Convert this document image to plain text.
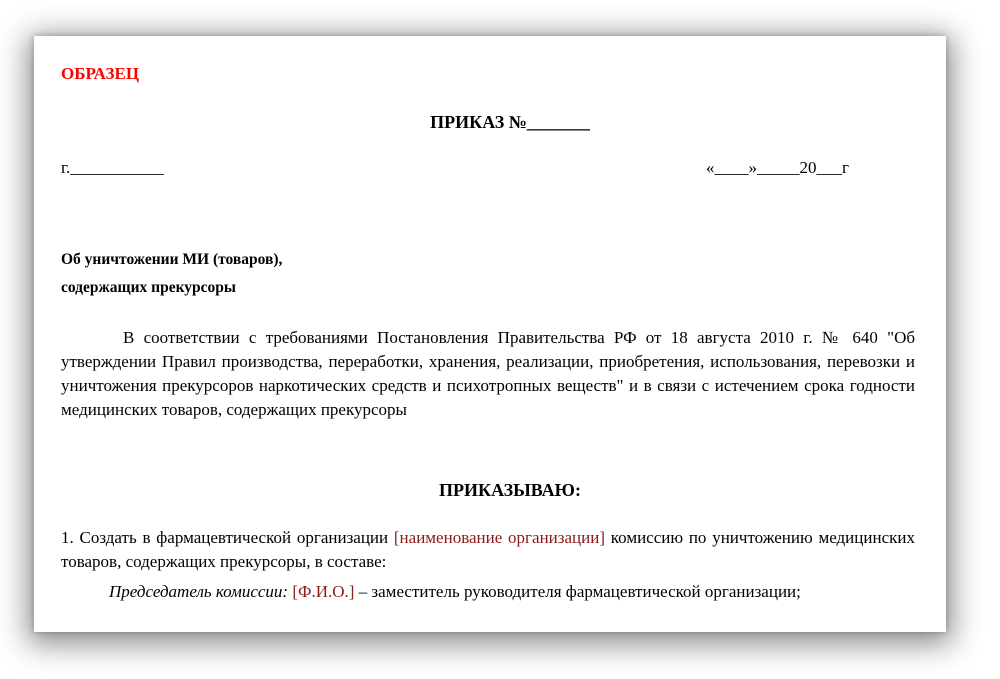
ОБРАЗЕЦ
ПРИКАЗ №_______
г.___________	«____»_____20___г
Об уничтожении МИ (товаров),
содержащих прекурсоры
В соответствии с требованиями Постановления Правительства РФ от 18 августа 2010 г. № 640 "Об утверждении Правил производства, переработки, хранения, реализации, приобретения, использования, перевозки и уничтожения прекурсоров наркотических средств и психотропных веществ" и в связи с истечением срока годности медицинских товаров, содержащих прекурсоры
ПРИКАЗЫВАЮ:
1. Создать в фармацевтической организации [наименование организации] комиссию по уничтожению медицинских товаров, содержащих прекурсоры, в составе:
Председатель комиссии: [Ф.И.О.] – заместитель руководителя фармацевтической организации;
